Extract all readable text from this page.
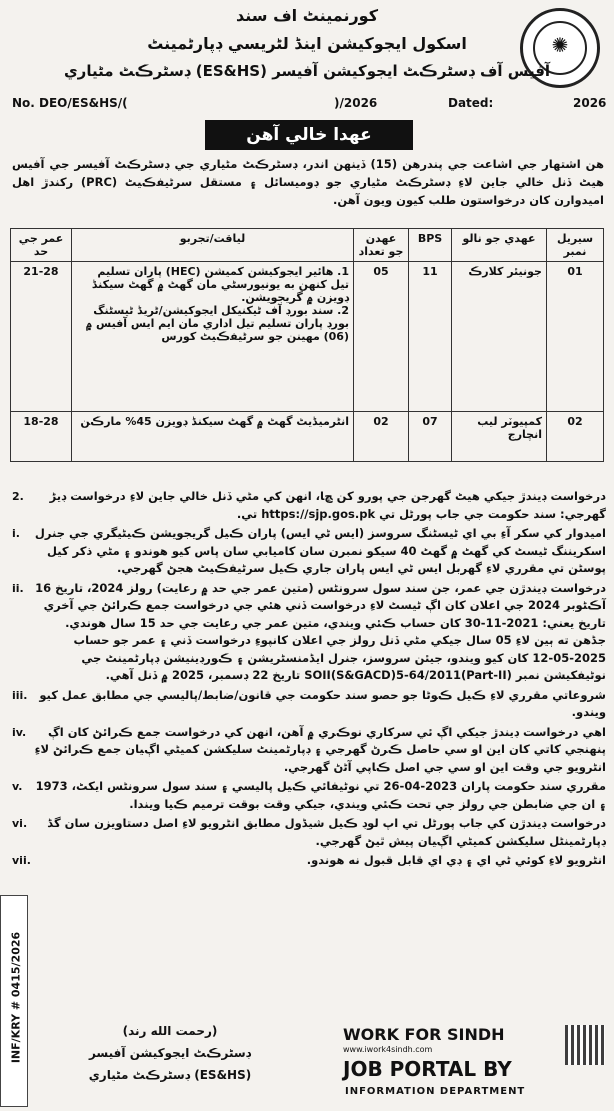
✺
ﮐﻮرﻧﻤﻴﻨﭧ اف ﺳﻨﺪ
اﺳﮑﻮل اﻳﺠﻮﮐﻴﺸﻦ اﻳﻨﮉ ﻟﭩﺮﻳﺴﻲ ڊﭘﺎرﭨﻤﻴﻨﭧ
آﻓﻴﺲ آف ڊﺳﭩﺮڪﭧ اﻳﺠﻮﮐﻴﺸﻦ آﻓﻴﺴﺮ (ES&HS) ڊﺳﭩﺮڪﭧ ﻣﭩﻴﺎري
No. DEO/ES&HS/(	)/2026	Dated:	2026
ﻋﻬﺪا ﺧﺎﻟﻲ آﻫﻦ
ﻫﻦ اﺷﺘﻬﺎر ﺟﻲ اﺷﺎﻋﺖ ﺟﻲ ﭘﻨﺪرﻫﻦ (15) ڏﻳﻨﻬﻦ اﻧﺪر، ڊﺳﭩﺮڪﭧ ﻣﭩﻴﺎري ﺟﻲ ڊﺳﭩﺮڪﭧ آﻓﻴﺴﺮ ﺟﻲ آﻓﻴﺲ ﻫﻴﭧ ڏﻧﻞ ﺧﺎﻟﻲ ﺟﺎﻳﻦ ﻻءِ ڊﺳﭩﺮڪﭧ ﻣﭩﻴﺎري ﺟﻮ ڊوﻣﻴﺴﺎﺋﻞ ۽ ﻣﺴﺘﻘﻞ ﺳﺮﭨﻴﻔڪﻴﭧ (PRC) رکندڙ اﻫﻞ اﻣﻴﺪوارن ﮐﺎن درﺧﻮاﺳﺘﻮن ﻃﻠﺐ ﮐﻴﻮن وﻳﻮن آﻫﻦ.
ﺳﻴﺮﻳﻞ ﻧﻤﺒﺮ	ﻋﻬﺪي ﺟﻮ ﻧﺎﻟﻮ	BPS	ﻋﻬﺪن ﺟﻮ ﺗﻌﺪاد	ﻟﻴﺎﻗﺖ/ﺗﺠﺮﺑﻮ	ﻋﻤﺮ ﺟﻲ ﺣﺪ
01	ﺟﻮﻧﻴﺌﺮ ﮐﻼرڪ	11	05	1. ﻫﺎﺋﻴﺮ اﻳﺠﻮﮐﻴﺸﻦ ﮐﻤﻴﺸﻦ (HEC) ﭘﺎران ﺗﺴﻠﻴﻢ ﺗﻴﻞ ﮐﻨﻬﻦ ﺑﻪ ﻳﻮﻧﻴﻮرﺳﭩﻲ ﻣﺎن ﮔﻬﭧ ۾ ﮔﻬﭧ ﺳﻴﮑﻨﮉ ڊوﻳﺰن ۾ ﮔﺮﻳﺠﻮﻳﺸﻦ.
2. ﺳﻨﺪ ﺑﻮرڊ آف ﭨﻴﮑﻨﻴﮑﻞ اﻳﺠﻮﮐﻴﺸﻦ/ﭨﺮﻳﮉ ﭨﻴﺴﭩﻨﮓ ﺑﻮرڊ ﭘﺎران ﺗﺴﻠﻴﻢ ﺗﻴﻞ اداري ﻣﺎن اﻳﻢ اﻳﺲ آﻓﻴﺲ ۾ (06) ﻣﻬﻴﻨﻦ ﺟﻮ ﺳﺮﭨﻴﻔڪﻴﭧ ﮐﻮرس	21-28
02	ﮐﻤﭙﻴﻮٽر ﻟﻴﺐ اﻧﭽﺎرج	07	02	اﻧﭩﺮﻣﻴﮉﻳﭧ ﮔﻬﭧ ۾ ﮔﻬﭧ ﺳﻴﮑﻨﮉ ڊوﻳﺰن 45% ﻣﺎرڪﻦ	18-28
2.	درﺧﻮاﺳﺖ ڊﻳﻨﺪڙ ﺟﻴﮑﻲ ﻫﻴﭧ ﮔﻬﺮﺟﻦ ﺟﻲ ﭘﻮرو ﮐﻦ ﭿﺎ، اﻧﻬﻦ ﮐﻲ ﻣﭩﻲ ڏﻧﻞ ﺧﺎﻟﻲ ﺟﺎﻳﻦ ﻻءِ درﺧﻮاﺳﺖ ڊﻳﮍ ﮔﻬﺮﺟﻲ: ﺳﻨﺪ ﺣﻜﻮﻣﺖ ﺟﻲ ﺟﺎب ﭘﻮرﭨﻞ ﺗﻲ https://sjp.gos.pk ﺗﻲ.
i. اﻣﻴﺪوار ﮐﻲ ﺳﮑﺮ آءِ ﺑﻲ اي ﭨﻴﺴﭩﻨﮓ ﺳﺮوﺳﺰ (اﻳﺲ ﭨﻲ اﻳﺲ) ﭘﺎران ڪﻴﻞ ﮔﺮﻳﺠﻮﻳﺸﻦ ڪﻴﭩﻴﮕﺮي ﺟﻲ ﺟﻨﺮل اﺳﮑﺮﻳﻨﻨﮓ ﭨﻴﺴﭧ ﮐﻲ ﮔﻬﭧ ۾ ﮔﻬﭧ 40 ﺳﻴﮑﻮ ﻧﻤﺒﺮن ﺳﺎن ﮐﺎﻣﻴﺎﺑﻲ ﺳﺎن ﭘﺎس ﮐﻴﻮ ﻫﻮﻧﺪو ۽ ﻣﭩﻲ ذﮐﺮ ﮐﻴﻞ ﭘﻮﺳﭩﻦ ﺗﻲ ﻣﻘﺮري ﻻءِ ﮔﻬﺮﺑﻞ اﻳﺲ ﭨﻲ اﻳﺲ ﭘﺎران ﺟﺎري ڪﻴﻞ ﺳﺮﭨﻴﻔڪﻴﭧ ﻫﺠﮡ ﮔﻬﺮﺟﻲ.
ii. درﺧﻮاﺳﺖ ڊﻳﻨﺪڙن ﺟﻲ ﻋﻤﺮ، ﺟﻦ ﺳﻨﺪ ﺳﻮل ﺳﺮوﻧﭩﺲ (ﻣﺘﻴﻦ ﻋﻤﺮ ﺟﻲ ﺣﺪ ۾ رﻋﺎﻳﺖ) روﻟﺰ 2024، ﺗﺎرﻳﺦ 16 آڪﭩﻮﺑﺮ 2024 ﺟﻲ اﻋﻼن ﮐﺎن اڳ ﭨﻴﺴﭧ ﻻءِ درﺧﻮاﺳﺖ ڏﻧﻲ ﻫﺌﻲ ﺟﻲ درﺧﻮاﺳﺖ ﺟﻤﻊ ڪﺮاﺋﮡ ﺟﻲ آﺧﺮي ﺗﺎرﻳﺦ ﻳﻌﻨﻲ: 2021-11-30 ﮐﺎن ﺣﺴﺎب ڪﺌﻲ وﻳﻨﺪي، ﻣﺘﻴﻦ ﻋﻤﺮ ﺟﻲ رﻋﺎﻳﺖ ﺟﻲ ﺣﺪ 15 ﺳﺎل ﻫﻮﻧﺪي. ﺟﮉﻫﻦ ﺗﻪ ﭔﻴﻦ ﻻءِ 05 ﺳﺎل ﺟﻴﮑﻲ ﻣﭩﻲ ڏﻧﻞ روﻟﺰ ﺟﻲ اﻋﻼن ﮐﺎﻧﭙﻮءِ درﺧﻮاﺳﺖ ڏﻧﻲ ۽ ﻋﻤﺮ ﺟﻮ ﺣﺴﺎب 2025-05-12 ﮐﺎن ﮐﻴﻮ وﻳﻨﺪو، ﺟﻴﺌﻦ ﺳﺮوﺳﺰ، ﺟﻨﺮل اﻳﮉﻣﻨﺴﭩﺮﻳﺸﻦ ۽ ڪﻮرڊﻳﻨﻴﺸﻦ ڊﭘﺎرﭨﻤﻴﻨﭧ ﺟﻲ ﻧﻮﭨﻴﻔﮑﻴﺸﻦ ﻧﻤﺒﺮ SOII(S&GACD)5-64/2011(Part-II) ﺗﺎرﻳﺦ 22 ڊﺳﻤﺒﺮ، 2025 ۾ ڏﻧﻞ آﻫﻲ.
iii.	ﺷﺮوﻋﺎﺗﻲ ﻣﻘﺮري ﻻءِ ڪﻴﻞ ڪﻮﭨﺎ ﺟﻮ ﺣﺼﻮ ﺳﻨﺪ ﺣﻜﻮﻣﺖ ﺟﻲ ﻗﺎﻧﻮن/ﺿﺎﺑﻂ/ﭘﺎﻟﻴﺴﻲ ﺟﻲ ﻣﻄﺎﺑﻖ ﻋﻤﻞ ﮐﻴﻮ وﻳﻨﺪو.
iv.	اﻫﻲ درﺧﻮاﺳﺖ ڊﻳﻨﺪڙ ﺟﻴﮑﻲ اڳ ﺋﻲ ﺳﺮﮐﺎري ﻧﻮڪﺮي ۾ آﻫﻦ، اﻧﻬﻦ ﮐﻲ درﺧﻮاﺳﺖ ﺟﻤﻊ ڪﺮاﺋﮡ ﮐﺎن اڳ ﭘﻨﻬﻨﺠﻲ ﮐﺎﺗﻲ ﮐﺎن اﻳﻦ او ﺳﻲ ﺣﺎﺻﻞ ڪﺮڻ ﮔﻬﺮﺟﻲ ۽ ڊﭘﺎرﭨﻤﻴﻨﭧ ﺳﻠﻴﮑﺸﻦ ﮐﻤﻴﭩﻲ اڳﻴﺎن ﺟﻤﻊ ڪﺮاﺋﮡ ﻻءِ اﻧﭩﺮوﻳﻮ ﺟﻲ وﻗﺖ اﻳﻦ او ﺳﻲ ﺟﻲ اﺻﻞ ڪﺎﭘﻲ آﮢڻ ﮔﻬﺮﺟﻲ.
v. ﻣﻘﺮري ﺳﻨﺪ ﺣﻜﻮﻣﺖ ﭘﺎران 2023-04-26 ﺗﻲ ﻧﻮﭨﻴﻔﺎﺋﻲ ڪﻴﻞ ﭘﺎﻟﻴﺴﻲ ۽ ﺳﻨﺪ ﺳﻮل ﺳﺮوﻧﭩﺲ اﻳﮑﭧ، 1973 ۽ ان ﺟﻲ ﺿﺎﺑﻄﻦ ﺟﻲ روﻟﺰ ﺟﻲ ﺗﺤﺖ ڪﺌﻲ وﻳﻨﺪي، ﺟﻴﮑﻲ وﻗﺖ ﺑﻮﻗﺖ ﺗﺮﻣﻴﻢ ڪﻴﺎ وﻳﻨﺪا.
vi.	درﺧﻮاﺳﺖ ڊﻳﻨﺪڙن ﮐﻲ ﺟﺎب ﭘﻮرﭨﻞ ﺗﻲ اپ ﻟﻮڊ ڪﻴﻞ ﺷﻴﮉول ﻣﻄﺎﺑﻖ اﻧﭩﺮوﻳﻮ ﻻءِ اﺻﻞ دﺳﺘﺎوﻳﺰن ﺳﺎن ﮔﮉ ڊﭘﺎرﭨﻤﻴﻨﭩﻞ ﺳﻠﻴﮑﺸﻦ ﮐﻤﻴﭩﻲ اڳﻴﺎن ﭘﻴﺶ ﭤﻴﮡ ﮔﻬﺮﺟﻲ.
vii.	اﻧﭩﺮوﻳﻮ ﻻءِ ﮐﻮﺋﻲ ﭨﻲ اي ۽ ڊي اي ﻗﺎﺑﻞ ﻗﺒﻮل ﻧﻪ ﻫﻮﻧﺪو.
INF/KRY # 0415/2026	(رﺣﻤﺖ اﻟﻠﻪ رﻧﺪ)
ڊﺳﭩﺮڪﭧ اﻳﺠﻮﮐﻴﺸﻦ آﻓﻴﺴﺮ
(ES&HS) ڊﺳﭩﺮڪﭧ ﻣﭩﻴﺎري
WORK FOR SINDH
www.iwork4sindh.com
JOB PORTAL BY
INFORMATION DEPARTMENT
